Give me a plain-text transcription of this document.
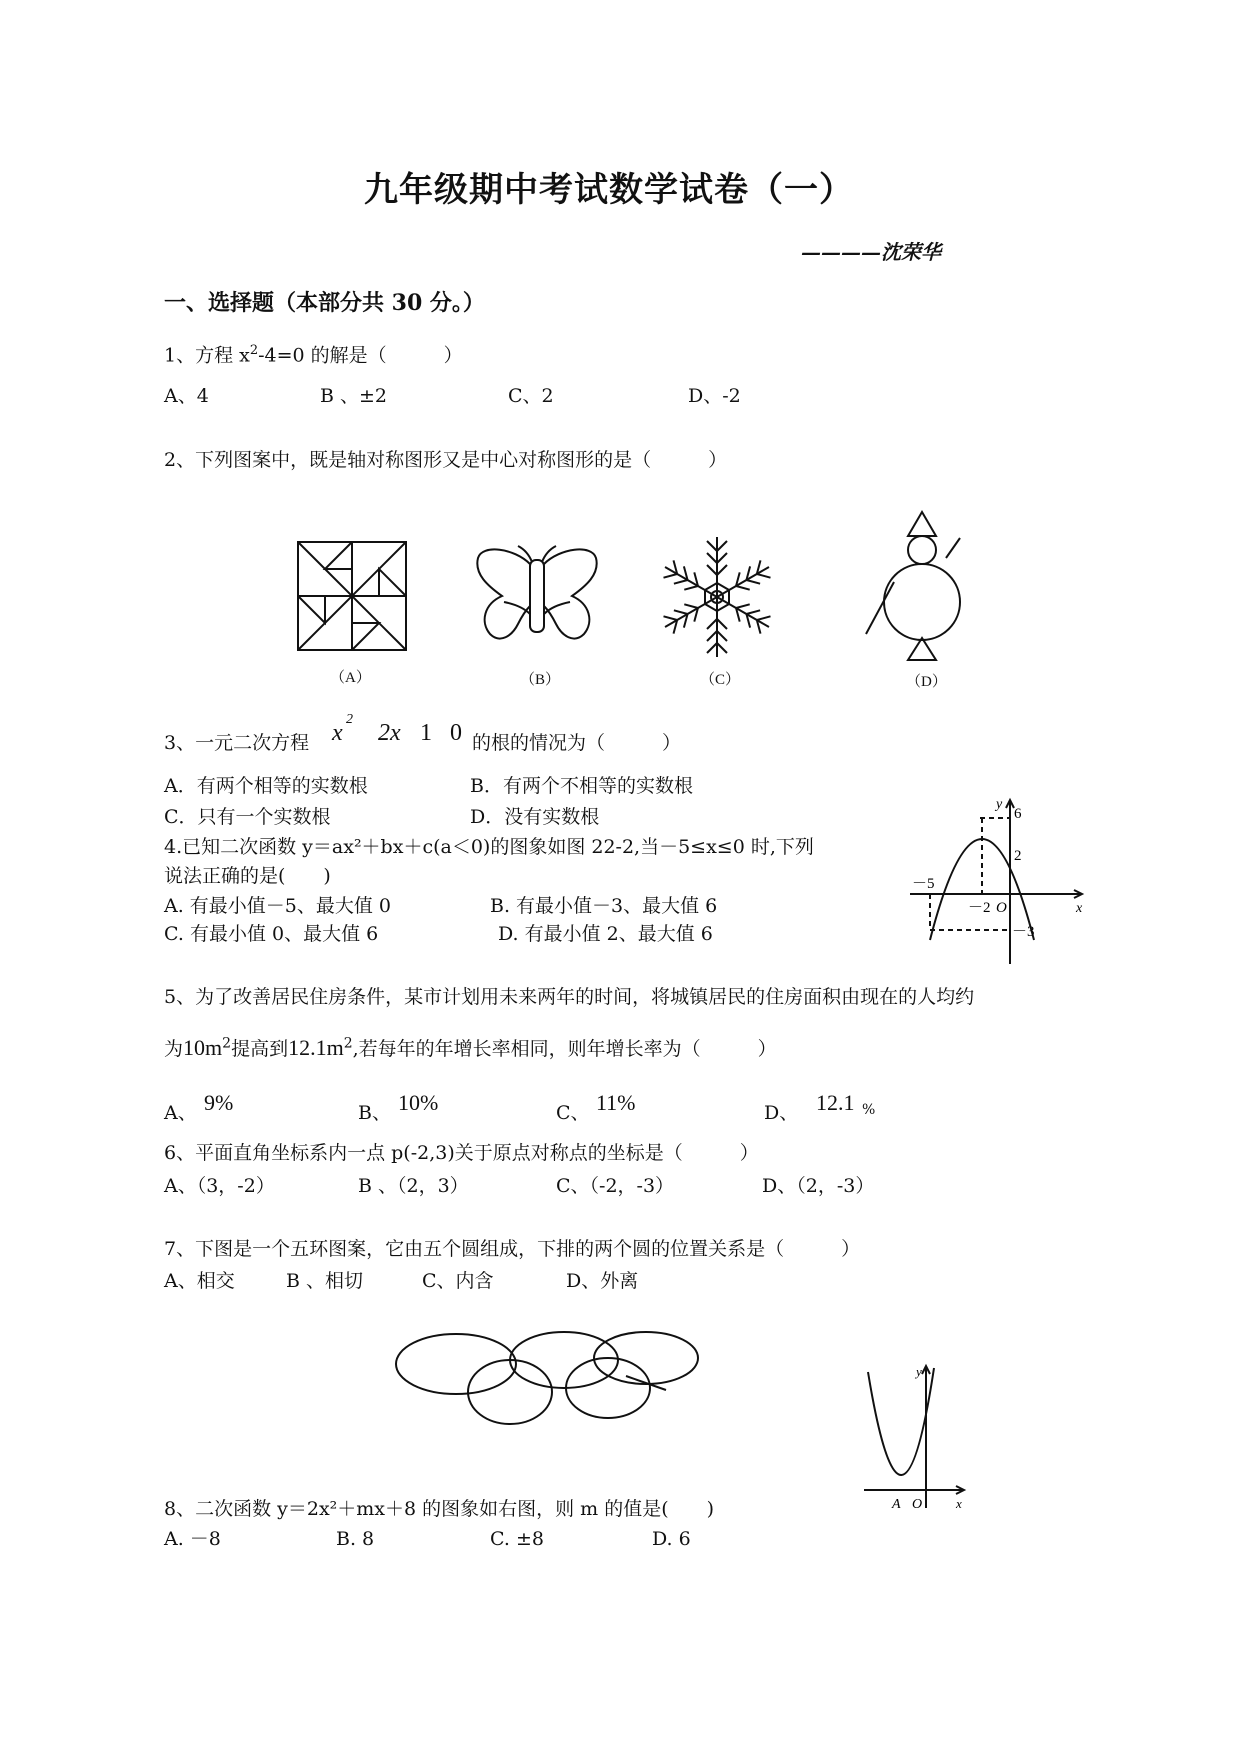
九年级期中考试数学试卷（一）
————沈荣华
一、选择题（本部分共 30 分。）
1、方程 $x^2-4=0$ 的解是（　　　）
A、4	B 、±2	C、2	D、-2
2、下列图案中，既是轴对称图形又是中心对称图形的是（　　　）
（A）	（B）	（C）	（D）
3、一元二次方程 x
2
2x 1 0 的根的情况为（　　　）
A．有两个相等的实数根	B．有两个不相等的实数根
C．只有一个实数根	D．没有实数根
4.已知二次函数 y＝ax²＋bx＋c(a＜0)的图象如图 22-2,当－5≤x≤0 时,下列
说法正确的是(　　)
A. 有最小值－5、最大值 0	B. 有最小值－3、最大值 6
C. 有最小值 0、最大值 6	D. 有最小值 2、最大值 6
y
x
6
2
－5
－2 O
－3
5、为了改善居民住房条件，某市计划用未来两年的时间，将城镇居民的住房面积由现在的人均约
为$10m^2$提高到$12.1m^2$,若每年的年增长率相同，则年增长率为（　　　）
A、 9%	B、 10%	C、 11%	D、 12.1 %
6、平面直角坐标系内一点 p(-2,3)关于原点对称点的坐标是（　　　）
A、（3，-2）	B 、（2，3）	C、（-2，-3）	D、（2，-3）
7、下图是一个五环图案，它由五个圆组成，下排的两个圆的位置关系是（　　　）
A、相交	B 、相切	C、内含	D、外离
y
x
A O
8、二次函数 y＝2x²＋mx＋8 的图象如右图，则 m 的值是(　　)
A. －8	B. 8	C. ±8	D. 6
